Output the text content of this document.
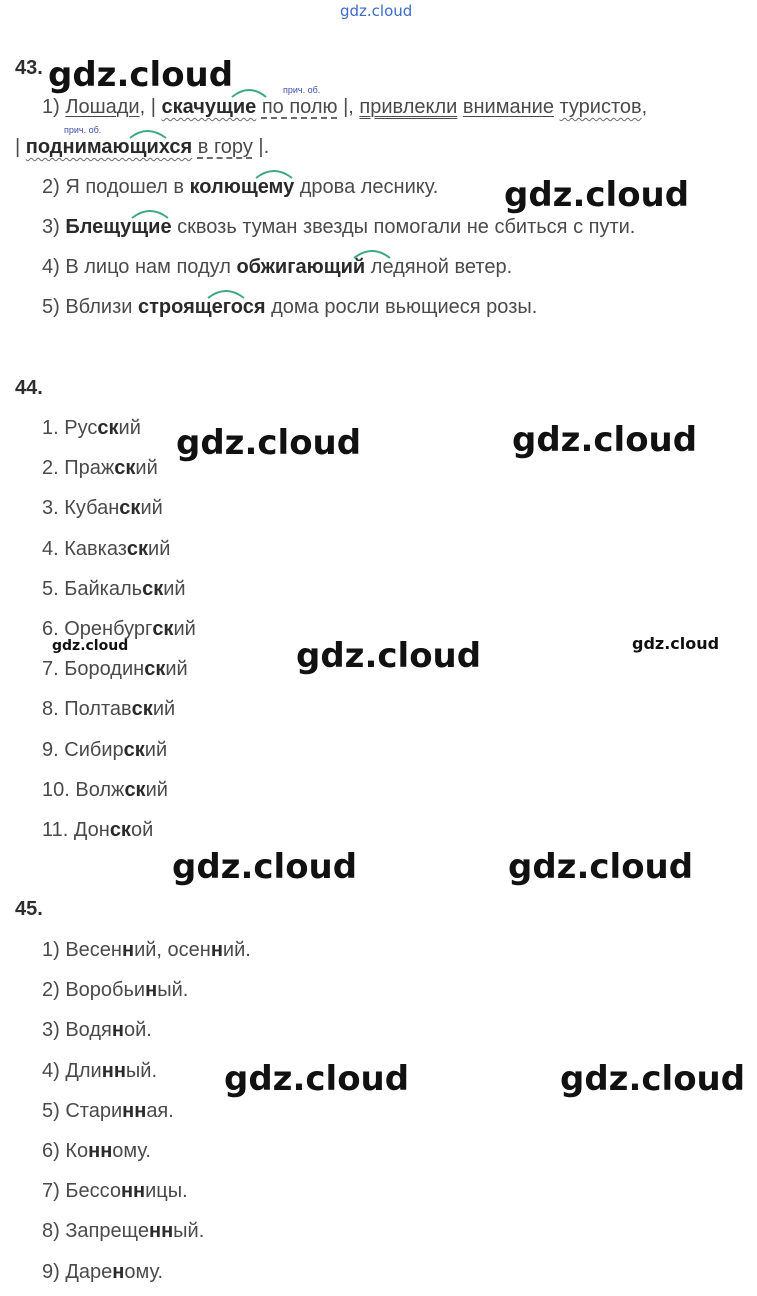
gdz.cloud
43.
прич. об.
прич. об.
1) Лошади, | скачущие по полю |, привлекли внимание туристов,
| поднимающихся в гору |.
2) Я подошел в колющему дрова леснику.
3) Блещущие сквозь туман звезды помогали не сбиться с пути.
4) В лицо нам подул обжигающий ледяной ветер.
5) Вблизи строящегося дома росли вьющиеся розы.
44.
1. Русский
2. Пражский
3. Кубанский
4. Кавказский
5. Байкальский
6. Оренбургский
7. Бородинский
8. Полтавский
9. Сибирский
10. Волжский
11. Донской
45.
1) Весенний, осенний.
2) Воробьиный.
3) Водяной.
4) Длинный.
5) Старинная.
6) Конному.
7) Бессонницы.
8) Запрещенный.
9) Дареному.
gdz.cloud
gdz.cloud
gdz.cloud	gdz.cloud
gdz.cloud	gdz.cloud
gdz.cloud
gdz.cloud	gdz.cloud
gdz.cloud	gdz.cloud
